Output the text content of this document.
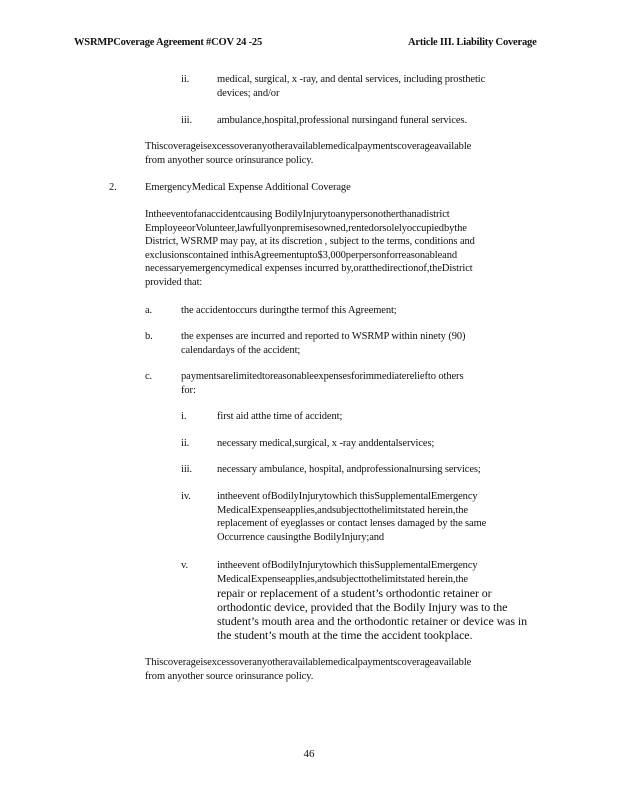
WSRMPCoverage Agreement #COV 24 -25	Article III. Liability Coverage
ii.	medical, surgical, x -ray, and dental services, including prosthetic
devices; and/or
iii. ambulance,hospital,professional nursingand funeral services.
Thiscoverageisexcessoveranyotheravailablemedicalpaymentscoverageavailable
from anyother source orinsurance policy.
2.	EmergencyMedical Expense Additional Coverage
Intheeventofanaccidentcausing BodilyInjurytoanypersonotherthanadistrict
EmployeeorVolunteer,lawfullyonpremisesowned,rentedorsolelyoccupiedbythe
District, WSRMP may pay, at its discretion , subject to the terms, conditions and
exclusionscontained inthisAgreementupto$3,000perpersonforreasonableand
necessaryemergencymedical expenses incurred by,oratthedirectionof,theDistrict
provided that:
a.	the accidentoccurs duringthe termof this Agreement;
b.	the expenses are incurred and reported to WSRMP within ninety (90)
calendardays of the accident;
c.	paymentsarelimitedtoreasonableexpensesforimmediatereliefto others
for:
i.	first aid atthe time of accident;
ii.	necessary medical,surgical, x -ray anddentalservices;
iii. necessary ambulance, hospital, andprofessionalnursing services;
iv. intheevent ofBodilyInjurytowhich thisSupplementalEmergency
MedicalExpenseapplies,andsubjecttothelimitstated herein,the
replacement of eyeglasses or contact lenses damaged by the same
Occurrence causingthe BodilyInjury;and
v.	intheevent ofBodilyInjurytowhich thisSupplementalEmergency
MedicalExpenseapplies,andsubjecttothelimitstated herein,the
repair or replacement of a student’s orthodontic retainer or
orthodontic device, provided that the Bodily Injury was to the
student’s mouth area and the orthodontic retainer or device was in
the student’s mouth at the time the accident tookplace.
Thiscoverageisexcessoveranyotheravailablemedicalpaymentscoverageavailable
from anyother source orinsurance policy.
46
